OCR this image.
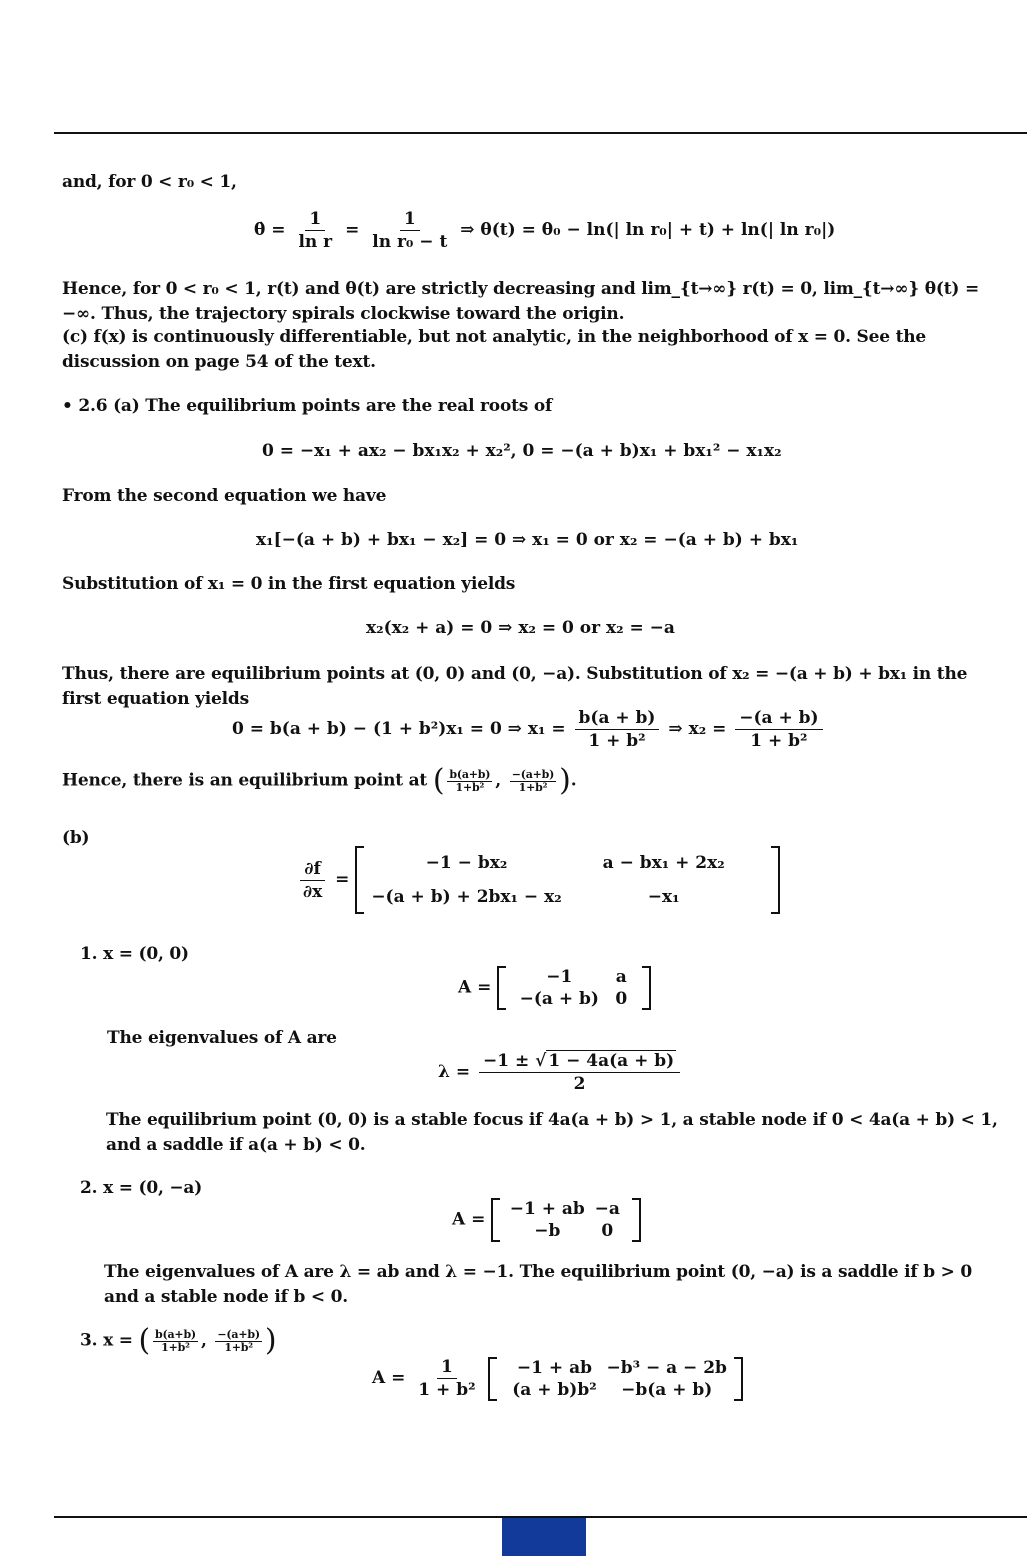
and, for 0 < r₀ < 1,

θ̇ = $\frac{1}{\text{ln r}} = \frac{1}{\text{ln r₀ − t}}$ ⇒ θ(t) = θ₀ − ln(| ln r₀| + t) + ln(| ln r₀|)

Hence, for 0 < r₀ < 1, r(t) and θ(t) are strictly decreasing and lim_{t→∞} r(t) = 0, lim_{t→∞} θ(t) = −∞. Thus, the trajectory spirals clockwise toward the origin.

(c) f(x) is continuously differentiable, but not analytic, in the neighborhood of x = 0. See the discussion on page 54 of the text.

• 2.6 (a) The equilibrium points are the real roots of

0 = −x₁ + ax₂ − bx₁x₂ + x₂², 0 = −(a + b)x₁ + bx₁² − x₁x₂

From the second equation we have

x₁[−(a + b) + bx₁ − x₂] = 0 ⇒ x₁ = 0 or x₂ = −(a + b) + bx₁

Substitution of x₁ = 0 in the first equation yields

x₂(x₂ + a) = 0 ⇒ x₂ = 0 or x₂ = −a

Thus, there are equilibrium points at (0, 0) and (0, −a). Substitution of x₂ = −(a + b) + bx₁ in the first equation yields

0 = b(a + b) − (1 + b²)x₁ = 0 ⇒ $x_1 = \frac{b(a + b)}{\text{1 + b²}}$ ⇒ $x_2 = \frac{-(a + b)}{\text{1 + b²}}$
Hence, there is an equilibrium point at ( $\frac{b(a+b)}{\text{1+b²}}$ , $\frac{-(a+b)}{\text{1+b²}}$ ).

(b)

$\frac{\partial f}{\partial x}$ =
−1 − bx₂	a − bx₁ + 2x₂
−(a + b) + 2bx₁ − x₂	−x₁
1. x = (0, 0)
A =
−1	a
−(a + b)	0
The eigenvalues of A are
$\lambda = \frac{-1 \pm √ 1 - 4a(a + b)}{2}$

The equilibrium point (0, 0) is a stable focus if 4a(a + b) > 1, a stable node if 0 < 4a(a + b) < 1, and a saddle if a(a + b) < 0.

2. x = (0, −a)
A =
−1 + ab	−a
−b	0

The eigenvalues of A are λ = ab and λ = −1. The equilibrium point (0, −a) is a saddle if b > 0 and a stable node if b < 0.

3. x = ( $\frac{b(a+b)}{\text{1+b²}}$ , $\frac{-(a+b)}{\text{1+b²}}$ )
$A = \frac{1}{\text{1 + b²}}$
−1 + ab	−b³ − a − 2b
(a + b)b²	−b(a + b)
